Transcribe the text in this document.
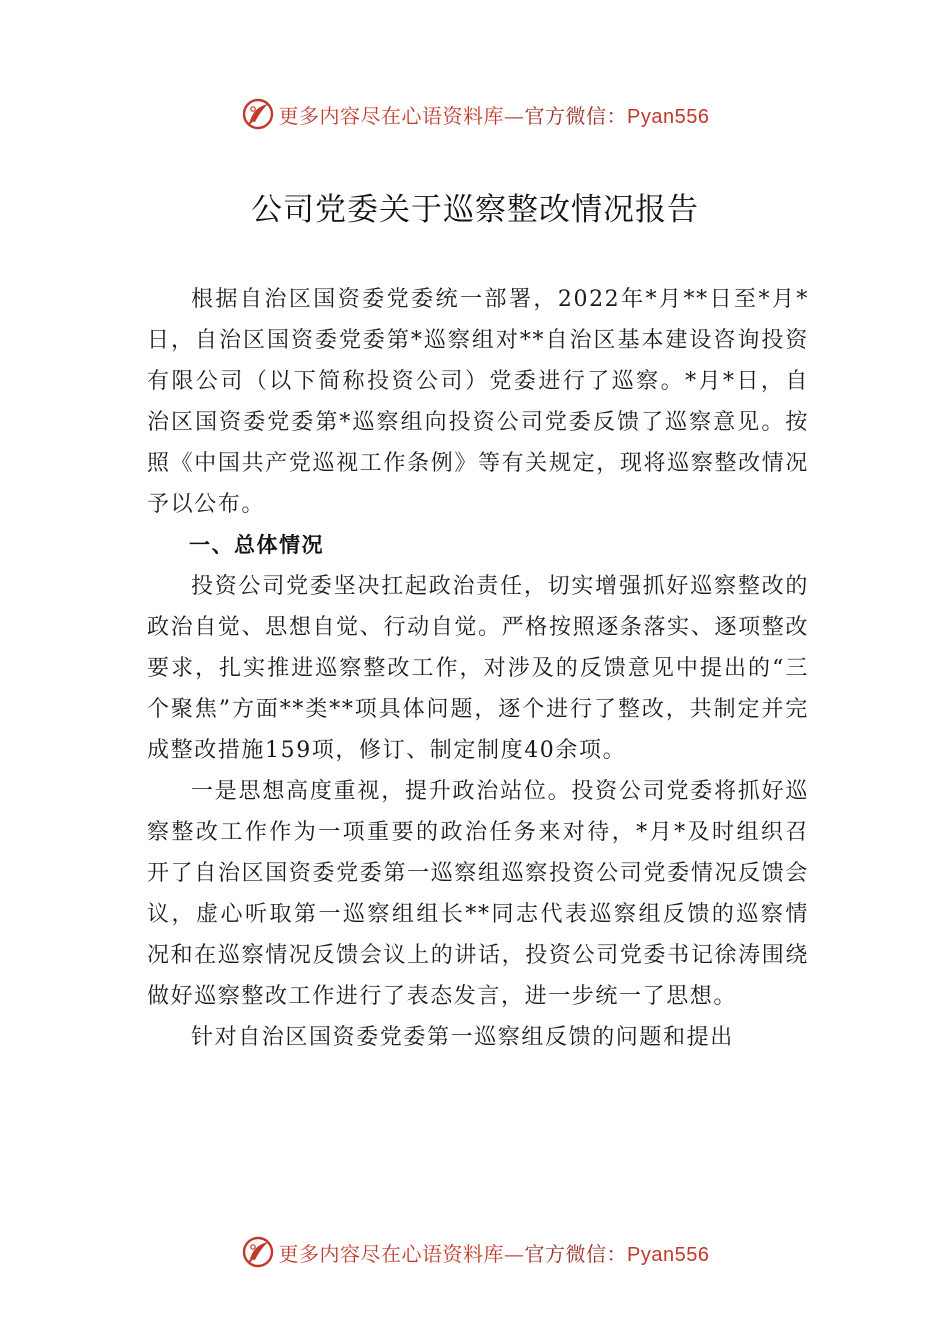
更多内容尽在心语资料库—官方微信：Pyan556
公司党委关于巡察整改情况报告

根据自治区国资委党委统一部署，2022年*月**日至*月*日，自治区国资委党委第*巡察组对**自治区基本建设咨询投资有限公司（以下简称投资公司）党委进行了巡察。*月*日，自治区国资委党委第*巡察组向投资公司党委反馈了巡察意见。按照《中国共产党巡视工作条例》等有关规定，现将巡察整改情况予以公布。

一、总体情况

投资公司党委坚决扛起政治责任，切实增强抓好巡察整改的政治自觉、思想自觉、行动自觉。严格按照逐条落实、逐项整改要求，扎实推进巡察整改工作，对涉及的反馈意见中提出的“三个聚焦”方面**类**项具体问题，逐个进行了整改，共制定并完成整改措施159项，修订、制定制度40余项。

一是思想高度重视，提升政治站位。投资公司党委将抓好巡察整改工作作为一项重要的政治任务来对待，*月*及时组织召开了自治区国资委党委第一巡察组巡察投资公司党委情况反馈会议，虚心听取第一巡察组组长**同志代表巡察组反馈的巡察情况和在巡察情况反馈会议上的讲话，投资公司党委书记徐涛围绕做好巡察整改工作进行了表态发言，进一步统一了思想。

针对自治区国资委党委第一巡察组反馈的问题和提出

更多内容尽在心语资料库—官方微信：Pyan556
